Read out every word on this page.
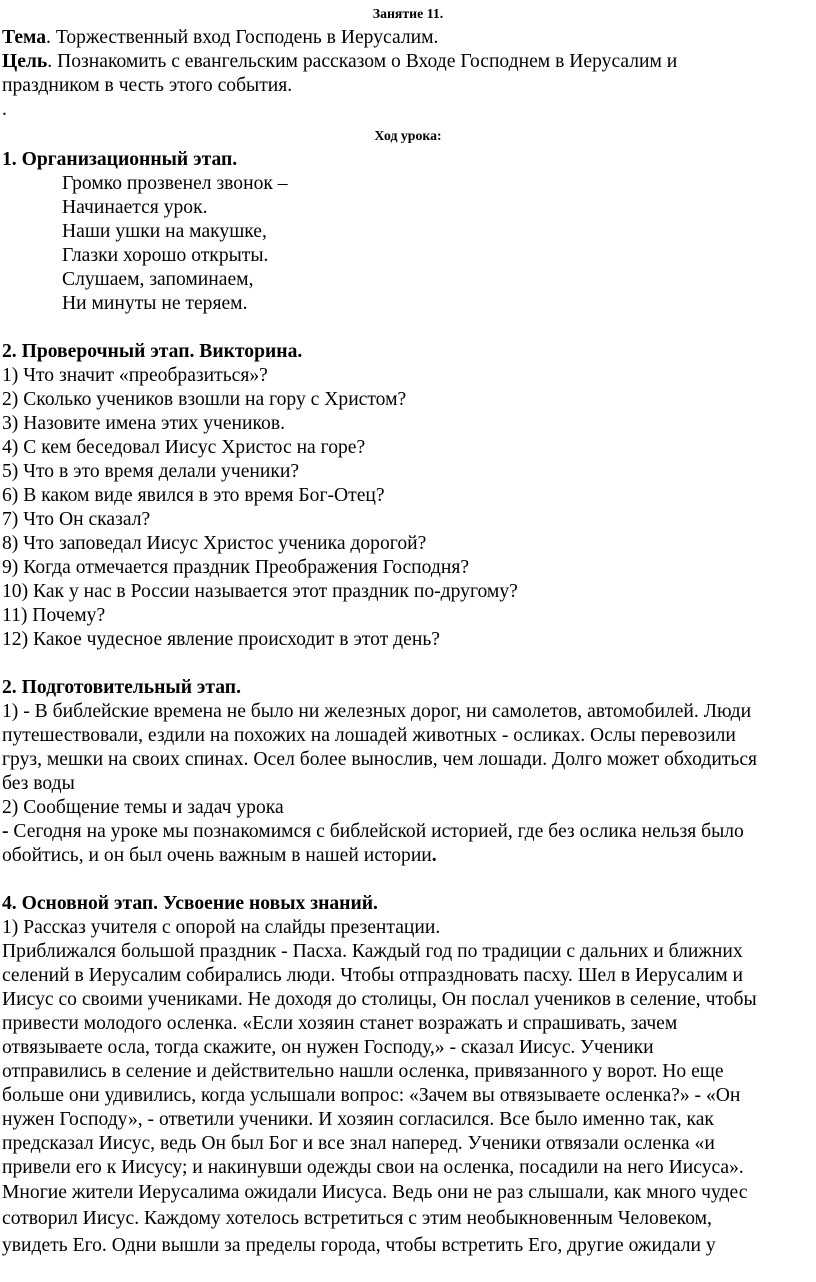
Занятие 11.
Тема. Торжественный вход Господень в Иерусалим.
Цель. Познакомить с евангельским рассказом о Входе Господнем в Иерусалим и
праздником в честь этого события.
.
Ход урока:
1. Организационный этап.
Громко прозвенел звонок –
Начинается урок.
Наши ушки на макушке,
Глазки хорошо открыты.
Слушаем, запоминаем,
Ни минуты не теряем.
2. Проверочный этап. Викторина.
1) Что значит «преобразиться»?
2) Сколько учеников взошли на гору с Христом?
3) Назовите имена этих учеников.
4) С кем беседовал Иисус Христос на горе?
5) Что в это время делали ученики?
6) В каком виде явился в это время Бог-Отец?
7) Что Он сказал?
8) Что заповедал Иисус Христос ученика дорогой?
9) Когда отмечается праздник Преображения Господня?
10) Как у нас в России называется этот праздник по-другому?
11) Почему?
12) Какое чудесное явление происходит в этот день?
2. Подготовительный этап.
1) - В библейские времена не было ни железных дорог, ни самолетов, автомобилей. Люди
путешествовали, ездили на похожих на лошадей животных - осликах. Ослы перевозили
груз, мешки на своих спинах. Осел более вынослив, чем лошади. Долго может обходиться
без воды
2) Сообщение темы и задач урока
- Сегодня на уроке мы познакомимся с библейской историей, где без ослика нельзя было
обойтись, и он был очень важным в нашей истории.
4. Основной этап. Усвоение новых знаний.
1) Рассказ учителя с опорой на слайды презентации.
Приближался большой праздник - Пасха. Каждый год по традиции с дальних и ближних
селений в Иерусалим собирались люди. Чтобы отпраздновать пасху. Шел в Иерусалим и
Иисус со своими учениками. Не доходя до столицы, Он послал учеников в селение, чтобы
привести молодого осленка. «Если хозяин станет возражать и спрашивать, зачем
отвязываете осла, тогда скажите, он нужен Господу,» - сказал Иисус. Ученики
отправились в селение и действительно нашли осленка, привязанного у ворот. Но еще
больше они удивились, когда услышали вопрос: «Зачем вы отвязываете осленка?» - «Он
нужен Господу», - ответили ученики. И хозяин согласился. Все было именно так, как
предсказал Иисус, ведь Он был Бог и все знал наперед. Ученики отвязали осленка «и
привели его к Иисусу; и накинувши одежды свои на осленка, посадили на него Иисуса».
Многие жители Иерусалима ожидали Иисуса. Ведь они не раз слышали, как много чудес
сотворил Иисус. Каждому хотелось встретиться с этим необыкновенным Человеком,
увидеть Его. Одни вышли за пределы города, чтобы встретить Его, другие ожидали у
